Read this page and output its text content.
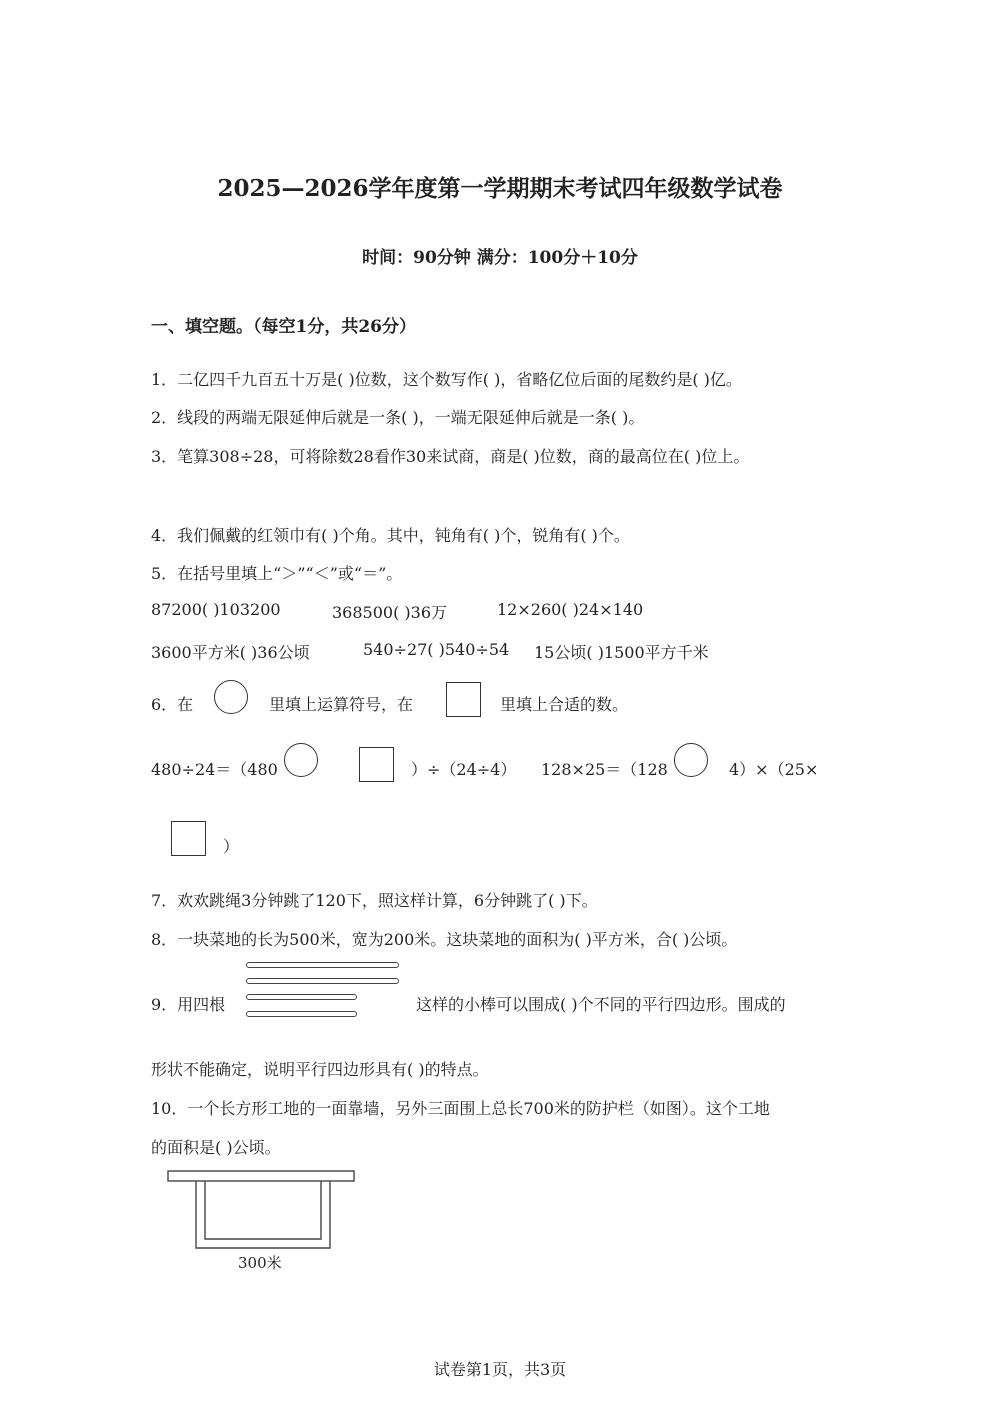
2025—2026学年度第一学期期末考试四年级数学试卷
时间：90分钟 满分：100分＋10分
一、填空题。（每空1分，共26分）
1．二亿四千九百五十万是( )位数，这个数写作( )，省略亿位后面的尾数约是( )亿。
2．线段的两端无限延伸后就是一条( )，一端无限延伸后就是一条( )。
3．笔算308÷28，可将除数28看作30来试商，商是( )位数，商的最高位在( )位上。
4．我们佩戴的红领巾有( )个角。其中，钝角有( )个，锐角有( )个。
5．在括号里填上“＞”“＜”或“＝”。
87200( )103200	368500( )36万	12×260( )24×140
3600平方米( )36公顷	540÷27( )540÷54 15公顷( )1500平方千米
6．在	里填上运算符号，在	里填上合适的数。
480÷24＝（480	）÷（24÷4） 128×25＝（128	4）×（25×
）
7．欢欢跳绳3分钟跳了120下，照这样计算，6分钟跳了( )下。
8．一块菜地的长为500米，宽为200米。这块菜地的面积为( )平方米，合( )公顷。
9．用四根	这样的小棒可以围成( )个不同的平行四边形。围成的
形状不能确定，说明平行四边形具有( )的特点。
10．一个长方形工地的一面靠墙，另外三面围上总长700米的防护栏（如图）。这个工地
的面积是( )公顷。
300米
试卷第1页，共3页
